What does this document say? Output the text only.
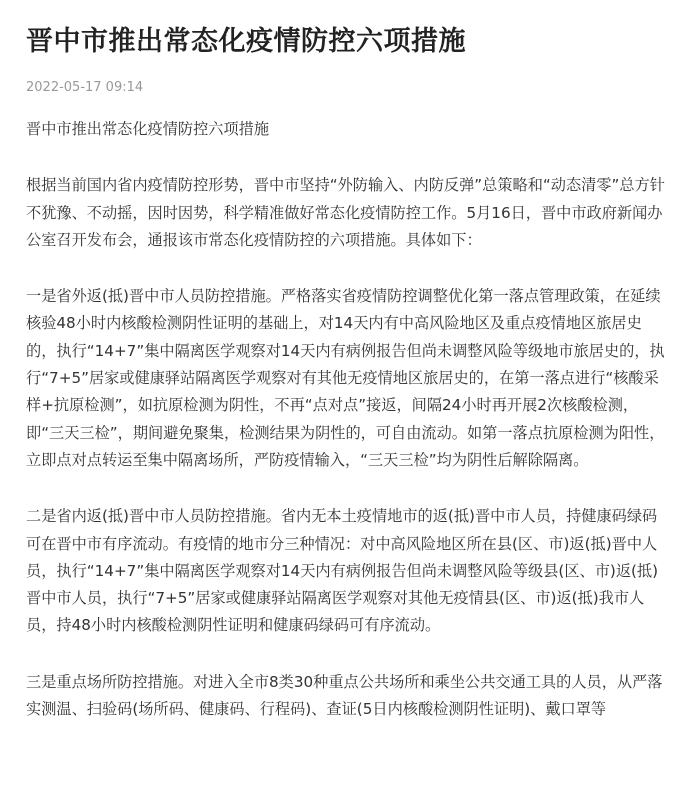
晋中市推出常态化疫情防控六项措施
2022-05-17 09:14

晋中市推出常态化疫情防控六项措施

根据当前国内省内疫情防控形势，晋中市坚持“外防输入、内防反弹”总策略和“动态清零”总方针不犹豫、不动摇，因时因势，科学精准做好常态化疫情防控工作。5月16日，晋中市政府新闻办公室召开发布会，通报该市常态化疫情防控的六项措施。具体如下：

一是省外返(抵)晋中市人员防控措施。严格落实省疫情防控调整优化第一落点管理政策，在延续核验48小时内核酸检测阴性证明的基础上，对14天内有中高风险地区及重点疫情地区旅居史的，执行“14+7”集中隔离医学观察对14天内有病例报告但尚未调整风险等级地市旅居史的，执行“7+5”居家或健康驿站隔离医学观察对有其他无疫情地区旅居史的，在第一落点进行“核酸采样+抗原检测”，如抗原检测为阴性，不再“点对点”接返，间隔24小时再开展2次核酸检测，即“三天三检”，期间避免聚集，检测结果为阴性的，可自由流动。如第一落点抗原检测为阳性，立即点对点转运至集中隔离场所，严防疫情输入，“三天三检”均为阴性后解除隔离。

二是省内返(抵)晋中市人员防控措施。省内无本土疫情地市的返(抵)晋中市人员，持健康码绿码可在晋中市有序流动。有疫情的地市分三种情况：对中高风险地区所在县(区、市)返(抵)晋中人员，执行“14+7”集中隔离医学观察对14天内有病例报告但尚未调整风险等级县(区、市)返(抵)晋中市人员，执行“7+5”居家或健康驿站隔离医学观察对其他无疫情县(区、市)返(抵)我市人员，持48小时内核酸检测阴性证明和健康码绿码可有序流动。

三是重点场所防控措施。对进入全市8类30种重点公共场所和乘坐公共交通工具的人员，从严落实测温、扫验码(场所码、健康码、行程码)、查证(5日内核酸检测阴性证明)、戴口罩等
